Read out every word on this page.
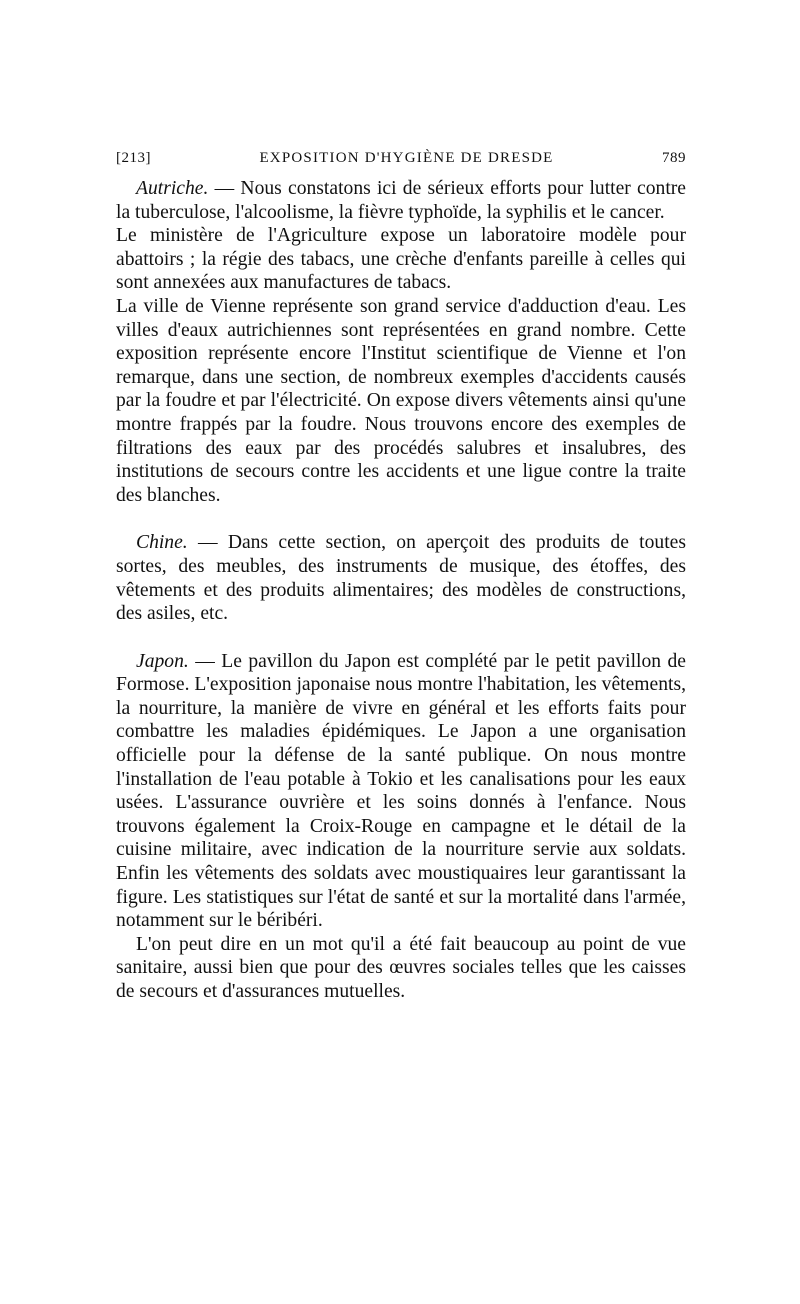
[213]	EXPOSITION D'HYGIÈNE DE DRESDE	789

Autriche. — Nous constatons ici de sérieux efforts pour lutter contre la tuberculose, l'alcoolisme, la fièvre typhoïde, la syphilis et le cancer.

Le ministère de l'Agriculture expose un laboratoire modèle pour abattoirs ; la régie des tabacs, une crèche d'enfants pareille à celles qui sont annexées aux manufactures de tabacs.

La ville de Vienne représente son grand service d'adduction d'eau. Les villes d'eaux autrichiennes sont représentées en grand nombre. Cette exposition représente encore l'Institut scientifique de Vienne et l'on remarque, dans une section, de nombreux exemples d'accidents causés par la foudre et par l'électricité. On expose divers vêtements ainsi qu'une montre frappés par la foudre. Nous trouvons encore des exemples de filtrations des eaux par des procédés salubres et insalubres, des institutions de secours contre les accidents et une ligue contre la traite des blanches.

Chine. — Dans cette section, on aperçoit des produits de toutes sortes, des meubles, des instruments de musique, des étoffes, des vêtements et des produits alimentaires; des modèles de constructions, des asiles, etc.

Japon. — Le pavillon du Japon est complété par le petit pavillon de Formose. L'exposition japonaise nous montre l'habitation, les vêtements, la nourriture, la manière de vivre en général et les efforts faits pour combattre les maladies épidémiques. Le Japon a une organisation officielle pour la défense de la santé publique. On nous montre l'installation de l'eau potable à Tokio et les canalisations pour les eaux usées. L'assurance ouvrière et les soins donnés à l'enfance. Nous trouvons également la Croix-Rouge en campagne et le détail de la cuisine militaire, avec indication de la nourriture servie aux soldats. Enfin les vêtements des soldats avec moustiquaires leur garantissant la figure. Les statistiques sur l'état de santé et sur la mortalité dans l'armée, notamment sur le béribéri.

L'on peut dire en un mot qu'il a été fait beaucoup au point de vue sanitaire, aussi bien que pour des œuvres sociales telles que les caisses de secours et d'assurances mutuelles.
